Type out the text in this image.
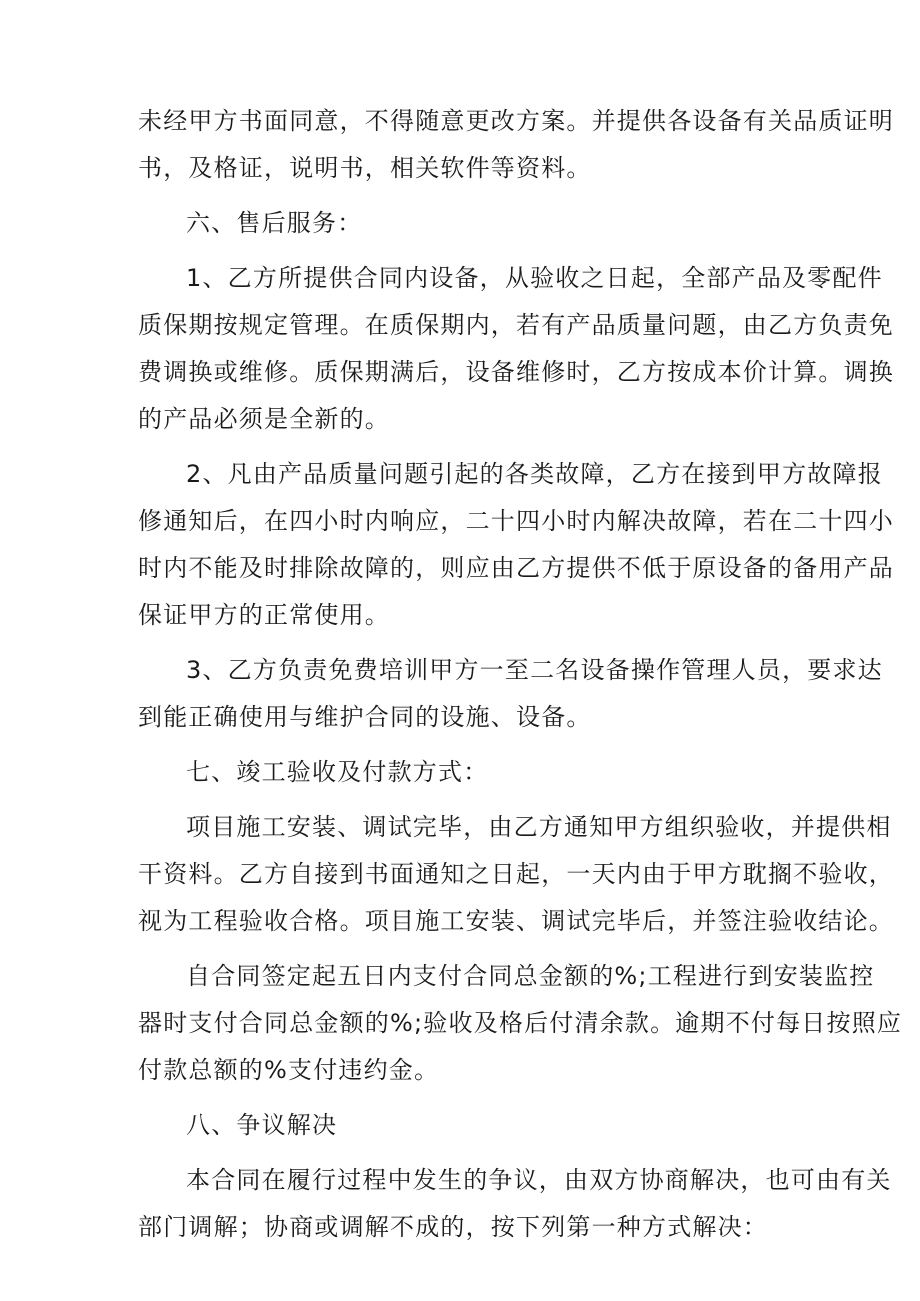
未经甲方书面同意，不得随意更改方案。并提供各设备有关品质证明

书，及格证，说明书，相关软件等资料。

六、售后服务：

1、乙方所提供合同内设备，从验收之日起，全部产品及零配件

质保期按规定管理。在质保期内，若有产品质量问题，由乙方负责免

费调换或维修。质保期满后，设备维修时，乙方按成本价计算。调换

的产品必须是全新的。

2、凡由产品质量问题引起的各类故障，乙方在接到甲方故障报

修通知后，在四小时内响应，二十四小时内解决故障，若在二十四小

时内不能及时排除故障的，则应由乙方提供不低于原设备的备用产品

保证甲方的正常使用。

3、乙方负责免费培训甲方一至二名设备操作管理人员，要求达

到能正确使用与维护合同的设施、设备。

七、竣工验收及付款方式：

项目施工安装、调试完毕，由乙方通知甲方组织验收，并提供相

干资料。乙方自接到书面通知之日起，一天内由于甲方耽搁不验收，

视为工程验收合格。项目施工安装、调试完毕后，并签注验收结论。

自合同签定起五日内支付合同总金额的%;工程进行到安装监控

器时支付合同总金额的%;验收及格后付清余款。逾期不付每日按照应

付款总额的%支付违约金。

八、争议解决

本合同在履行过程中发生的争议，由双方协商解决，也可由有关

部门调解；协商或调解不成的，按下列第一种方式解决：
